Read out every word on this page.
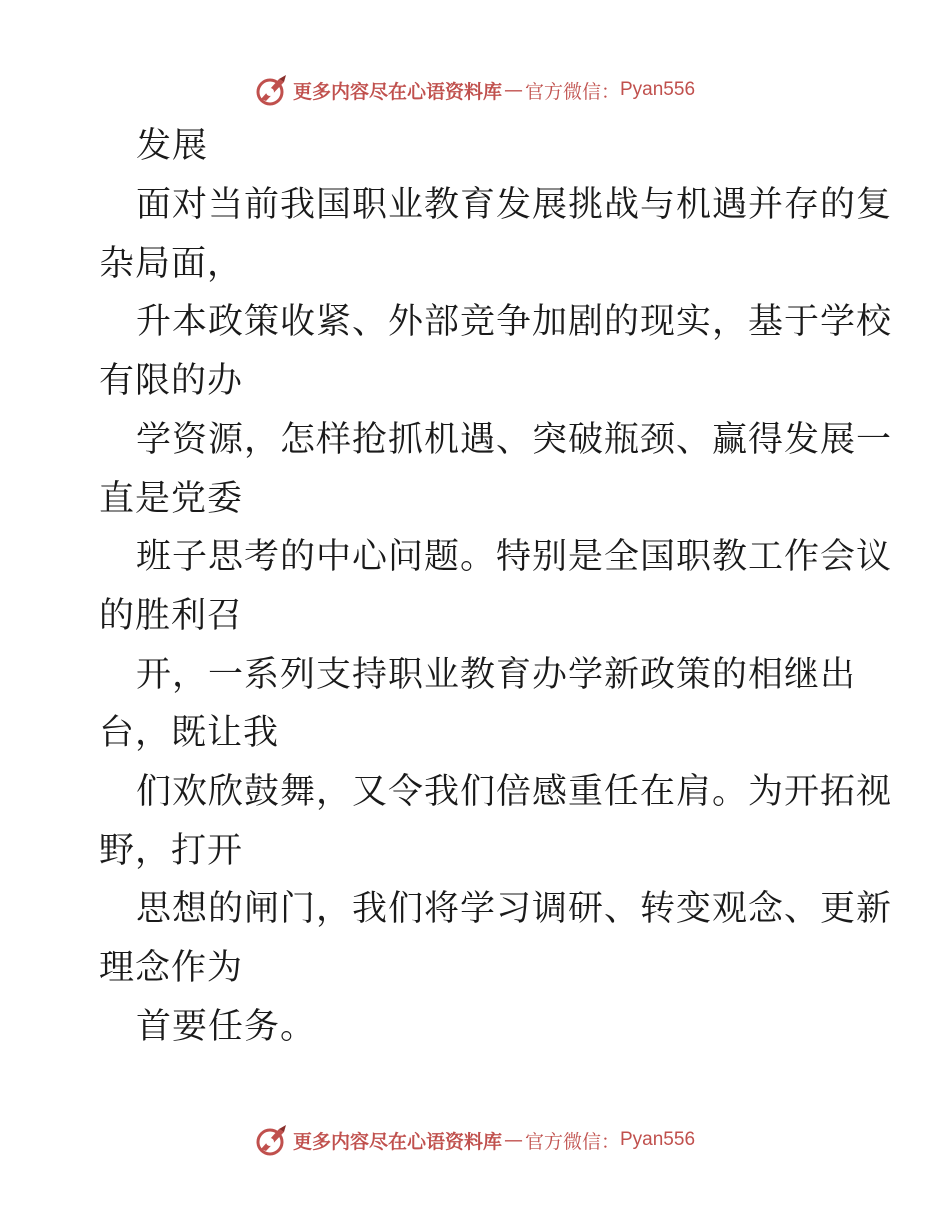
更多内容尽在心语资料库 — 官方微信： Pyan556
发展
面对当前我国职业教育发展挑战与机遇并存的复
杂局面，
升本政策收紧、外部竞争加剧的现实，基于学校
有限的办
学资源，怎样抢抓机遇、突破瓶颈、赢得发展一
直是党委
班子思考的中心问题。特别是全国职教工作会议
的胜利召
开，一系列支持职业教育办学新政策的相继出
台，既让我
们欢欣鼓舞，又令我们倍感重任在肩。为开拓视
野，打开
思想的闸门，我们将学习调研、转变观念、更新
理念作为
首要任务。
更多内容尽在心语资料库 — 官方微信： Pyan556
